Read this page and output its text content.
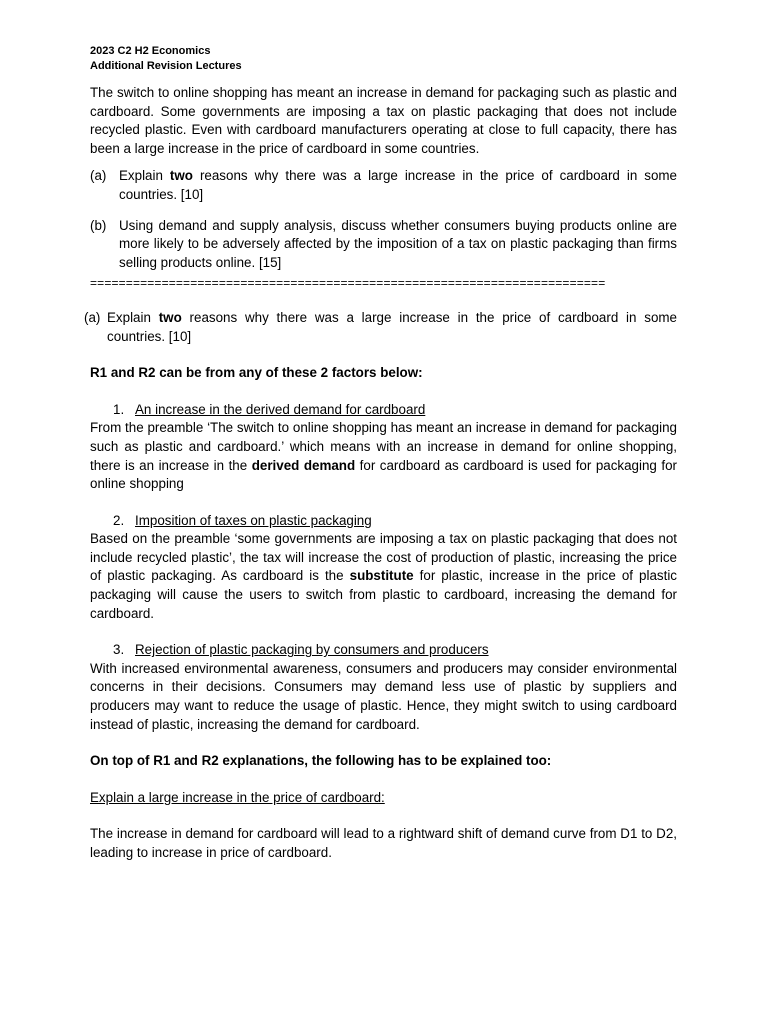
2023 C2 H2 Economics
Additional Revision Lectures

The switch to online shopping has meant an increase in demand for packaging such as plastic and cardboard. Some governments are imposing a tax on plastic packaging that does not include recycled plastic. Even with cardboard manufacturers operating at close to full capacity, there has been a large increase in the price of cardboard in some countries.

(a) Explain two reasons why there was a large increase in the price of cardboard in some countries. [10]
(b) Using demand and supply analysis, discuss whether consumers buying products online are more likely to be adversely affected by the imposition of a tax on plastic packaging than firms selling products online. [15]
========================================================================
(a) Explain two reasons why there was a large increase in the price of cardboard in some countries. [10]

R1 and R2 can be from any of these 2 factors below:

1. An increase in the derived demand for cardboard

From the preamble ‘The switch to online shopping has meant an increase in demand for packaging such as plastic and cardboard.’ which means with an increase in demand for online shopping, there is an increase in the derived demand for cardboard as cardboard is used for packaging for online shopping

2. Imposition of taxes on plastic packaging

Based on the preamble ‘some governments are imposing a tax on plastic packaging that does not include recycled plastic’, the tax will increase the cost of production of plastic, increasing the price of plastic packaging. As cardboard is the substitute for plastic, increase in the price of plastic packaging will cause the users to switch from plastic to cardboard, increasing the demand for cardboard.

3. Rejection of plastic packaging by consumers and producers

With increased environmental awareness, consumers and producers may consider environmental concerns in their decisions. Consumers may demand less use of plastic by suppliers and producers may want to reduce the usage of plastic. Hence, they might switch to using cardboard instead of plastic, increasing the demand for cardboard.

On top of R1 and R2 explanations, the following has to be explained too:

Explain a large increase in the price of cardboard:

The increase in demand for cardboard will lead to a rightward shift of demand curve from D1 to D2, leading to increase in price of cardboard.
